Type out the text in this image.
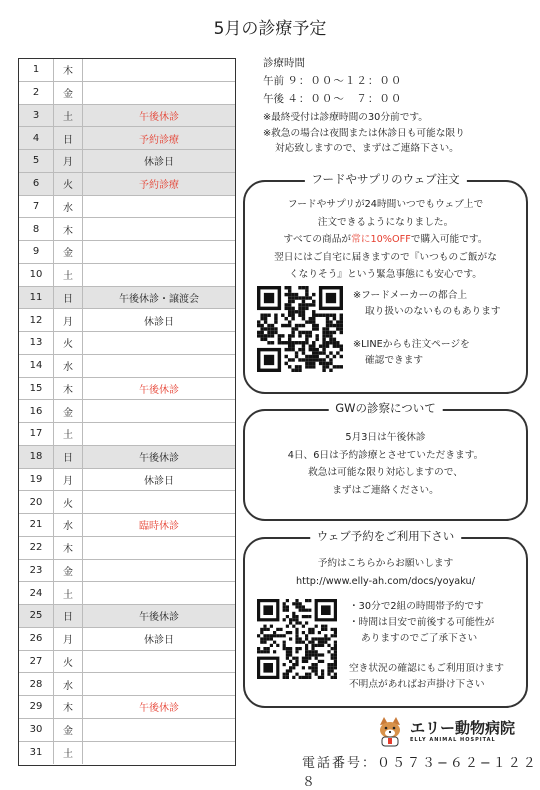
5月の診療予定
1	木
2	金
3	土	午後休診
4	日	予約診療
5	月	休診日
6	火	予約診療
7	水
8	木
9	金
10	土
11	日	午後休診・譲渡会
12	月	休診日
13	火
14	水
15	木	午後休診
16	金
17	土
18	日	午後休診
19	月	休診日
20	火
21	水	臨時休診
22	木
23	金
24	土
25	日	午後休診
26	月	休診日
27	火
28	水
29	木	午後休診
30	金
31	土
診療時間
午前 ９：００〜１２：００
午後 ４：００〜　７：００
※最終受付は診療時間の30分前です。
※救急の場合は夜間または休診日も可能な限り
対応致しますので、まずはご連絡下さい。
フードやサプリのウェブ注文
フードやサプリが24時間いつでもウェブ上で
注文できるようになりました。
すべての商品が常に10%OFFで購入可能です。
翌日にはご自宅に届きますので『いつものご飯がな
くなりそう』という緊急事態にも安心です。
※フードメーカーの都合上
取り扱いのないものもあります
※LINEからも注文ページを
確認できます
GWの診察について
5月3日は午後休診
4日、6日は予約診療とさせていただきます。
救急は可能な限り対応しますので、
まずはご連絡ください。
ウェブ予約をご利用下さい
予約はこちらからお願いします
http://www.elly-ah.com/docs/yoyaku/
・30分で2組の時間帯予約です
・時間は目安で前後する可能性が
ありますのでご了承下さい
空き状況の確認にもご利用頂けます
不明点があればお声掛け下さい
エリー動物病院
ELLY ANIMAL HOSPITAL
電話番号：０５７３−６２−１２２８
